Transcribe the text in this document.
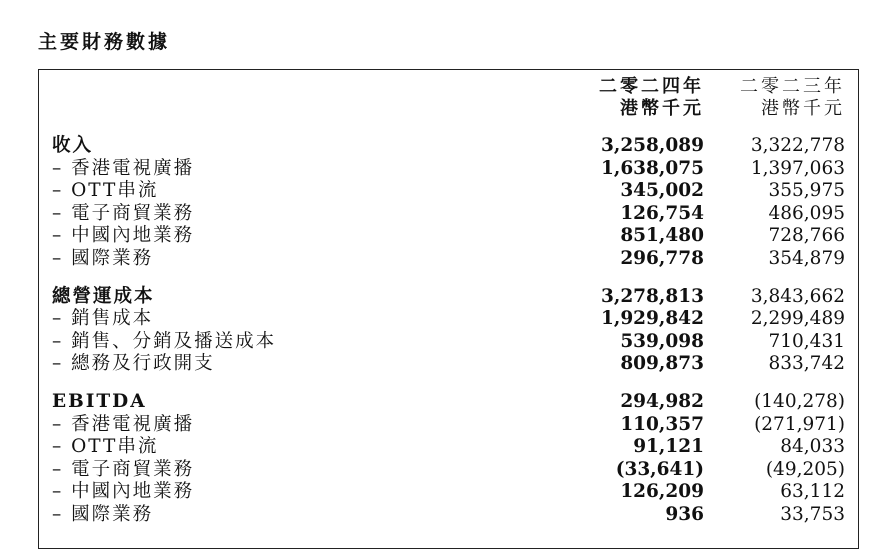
主要財務數據
二零二四年
港幣千元
二零二三年
港幣千元
收入	3,258,089	3,322,778
– 香港電視廣播	1,638,075	1,397,063
– OTT串流	345,002	355,975
– 電子商貿業務	126,754	486,095
– 中國內地業務	851,480	728,766
– 國際業務	296,778	354,879
總營運成本	3,278,813	3,843,662
– 銷售成本	1,929,842	2,299,489
– 銷售、分銷及播送成本	539,098	710,431
– 總務及行政開支	809,873	833,742
EBITDA	294,982	(140,278)
– 香港電視廣播	110,357	(271,971)
– OTT串流	91,121	84,033
– 電子商貿業務	(33,641)	(49,205)
– 中國內地業務	126,209	63,112
– 國際業務	936	33,753
